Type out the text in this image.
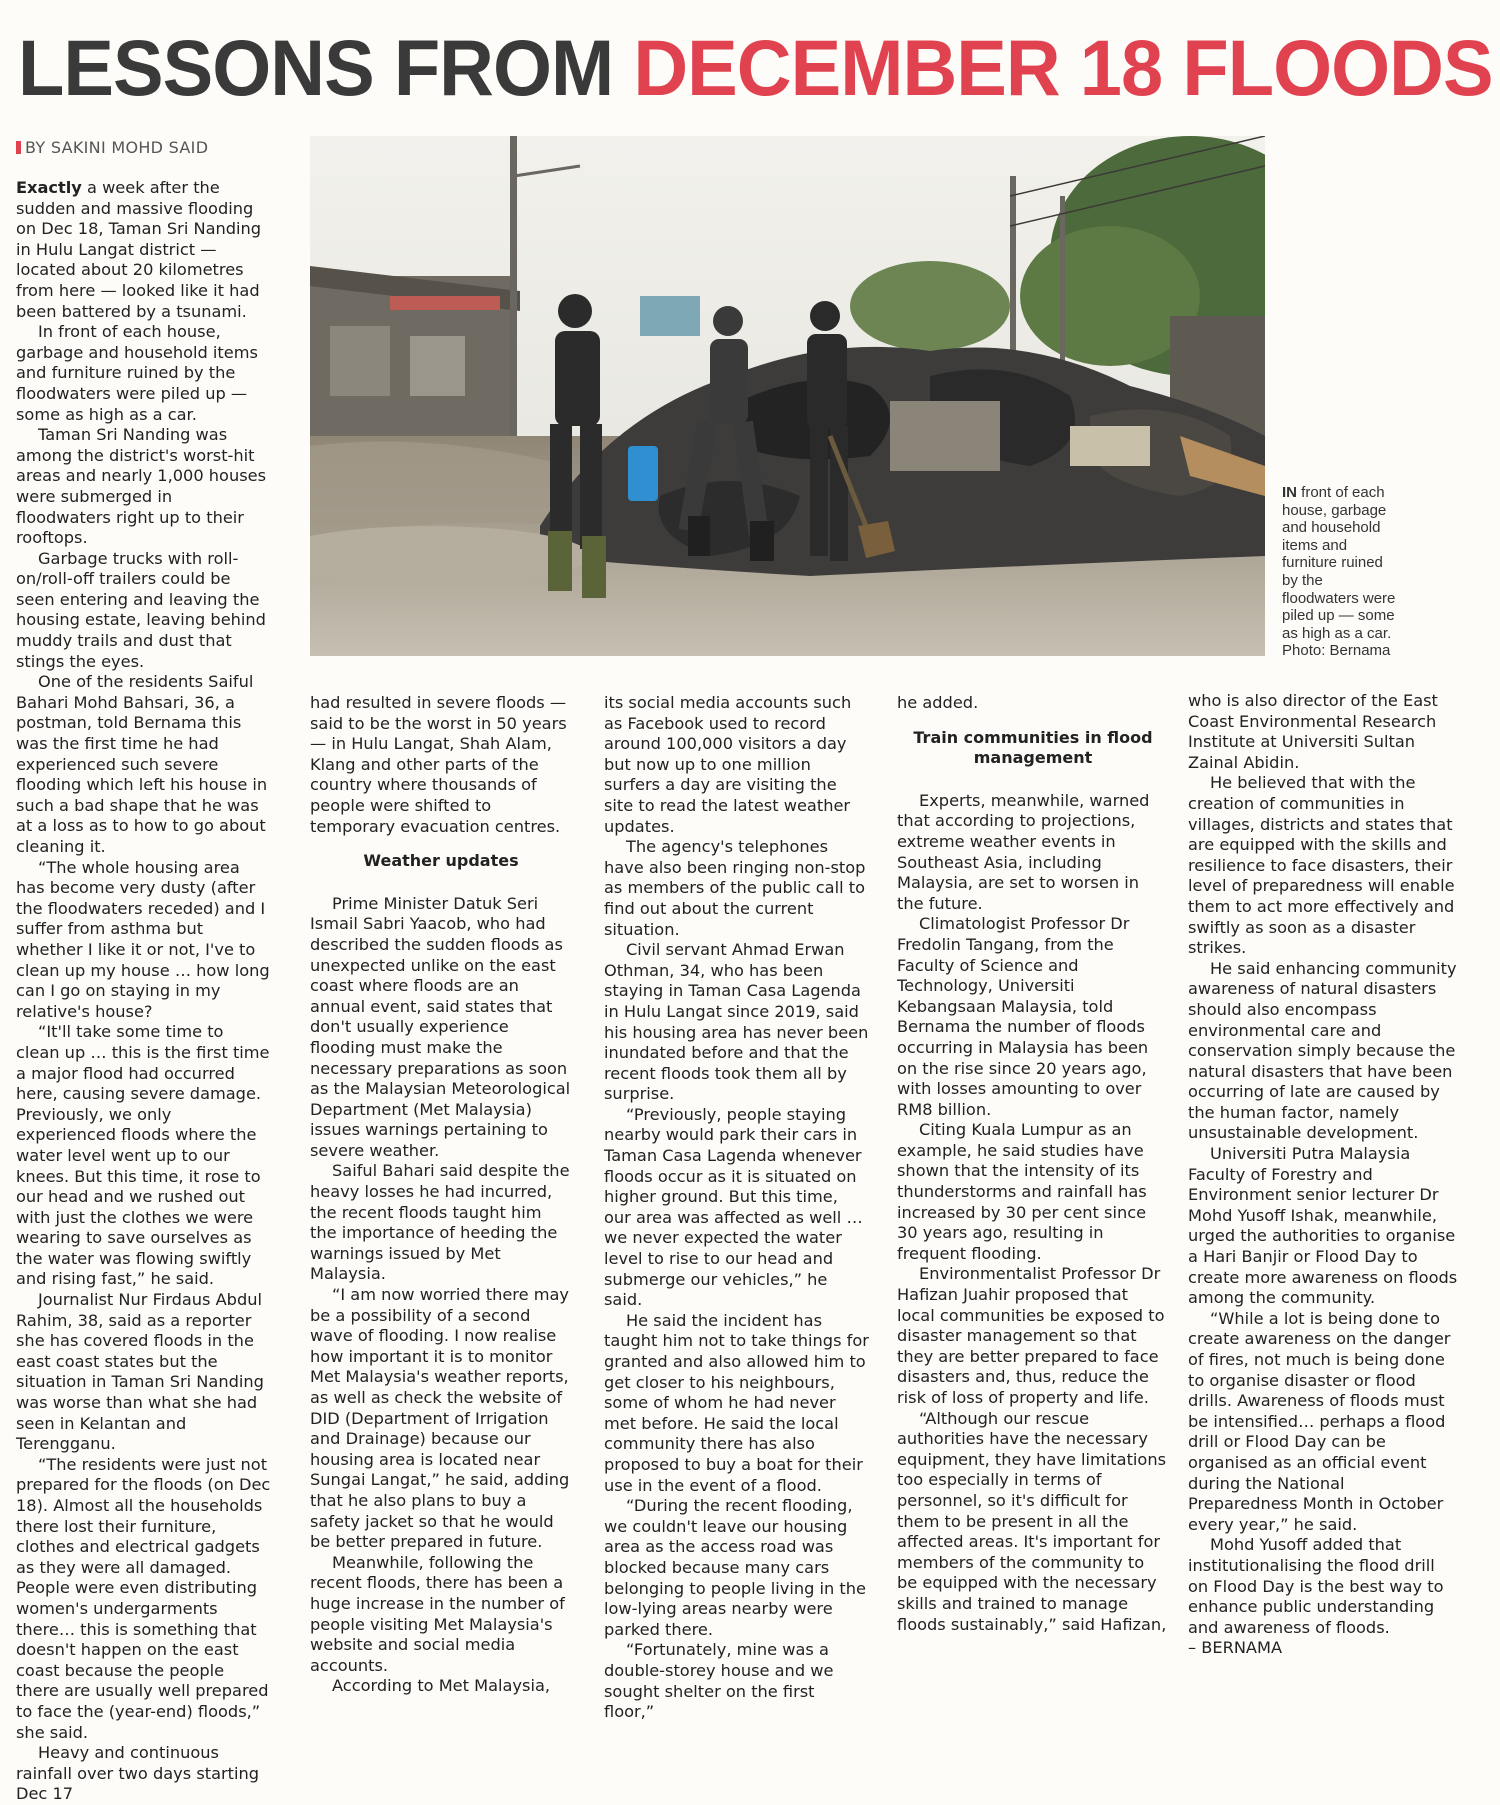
LESSONS FROM DECEMBER 18 FLOODS
BY SAKINI MOHD SAID
IN front of each house, garbage and household items and furniture ruined by the floodwaters were piled up — some as high as a car.
Photo: Bernama

Exactly a week after the sudden and massive flooding on Dec 18, Taman Sri Nanding in Hulu Langat district — located about 20 kilometres from here — looked like it had been battered by a tsunami.

In front of each house, garbage and household items and furniture ruined by the floodwaters were piled up — some as high as a car.

Taman Sri Nanding was among the district's worst-hit areas and nearly 1,000 houses were submerged in floodwaters right up to their rooftops.

Garbage trucks with roll-on/roll-off trailers could be seen entering and leaving the housing estate, leaving behind muddy trails and dust that stings the eyes.

One of the residents Saiful Bahari Mohd Bahsari, 36, a postman, told Bernama this was the first time he had experienced such severe flooding which left his house in such a bad shape that he was at a loss as to how to go about cleaning it.

“The whole housing area has become very dusty (after the floodwaters receded) and I suffer from asthma but whether I like it or not, I've to clean up my house … how long can I go on staying in my relative's house?

“It'll take some time to clean up … this is the first time a major flood had occurred here, causing severe damage. Previously, we only experienced floods where the water level went up to our knees. But this time, it rose to our head and we rushed out with just the clothes we were wearing to save ourselves as the water was flowing swiftly and rising fast,” he said.

Journalist Nur Firdaus Abdul Rahim, 38, said as a reporter she has covered floods in the east coast states but the situation in Taman Sri Nanding was worse than what she had seen in Kelantan and Terengganu.

“The residents were just not prepared for the floods (on Dec 18). Almost all the households there lost their furniture, clothes and electrical gadgets as they were all damaged. People were even distributing women's undergarments there… this is something that doesn't happen on the east coast because the people there are usually well prepared to face the (year-end) floods,” she said.

Heavy and continuous rainfall over two days starting Dec 17

had resulted in severe floods — said to be the worst in 50 years — in Hulu Langat, Shah Alam, Klang and other parts of the country where thousands of people were shifted to temporary evacuation centres.

Weather updates

Prime Minister Datuk Seri Ismail Sabri Yaacob, who had described the sudden floods as unexpected unlike on the east coast where floods are an annual event, said states that don't usually experience flooding must make the necessary preparations as soon as the Malaysian Meteorological Department (Met Malaysia) issues warnings pertaining to severe weather.

Saiful Bahari said despite the heavy losses he had incurred, the recent floods taught him the importance of heeding the warnings issued by Met Malaysia.

“I am now worried there may be a possibility of a second wave of flooding. I now realise how important it is to monitor Met Malaysia's weather reports, as well as check the website of DID (Department of Irrigation and Drainage) because our housing area is located near Sungai Langat,” he said, adding that he also plans to buy a safety jacket so that he would be better prepared in future.

Meanwhile, following the recent floods, there has been a huge increase in the number of people visiting Met Malaysia's website and social media accounts.

According to Met Malaysia,

its social media accounts such as Facebook used to record around 100,000 visitors a day but now up to one million surfers a day are visiting the site to read the latest weather updates.

The agency's telephones have also been ringing non-stop as members of the public call to find out about the current situation.

Civil servant Ahmad Erwan Othman, 34, who has been staying in Taman Casa Lagenda in Hulu Langat since 2019, said his housing area has never been inundated before and that the recent floods took them all by surprise.

“Previously, people staying nearby would park their cars in Taman Casa Lagenda whenever floods occur as it is situated on higher ground. But this time, our area was affected as well … we never expected the water level to rise to our head and submerge our vehicles,” he said.

He said the incident has taught him not to take things for granted and also allowed him to get closer to his neighbours, some of whom he had never met before. He said the local community there has also proposed to buy a boat for their use in the event of a flood.

“During the recent flooding, we couldn't leave our housing area as the access road was blocked because many cars belonging to people living in the low-lying areas nearby were parked there.

“Fortunately, mine was a double-storey house and we sought shelter on the first floor,”

he added.

Train communities in flood management

Experts, meanwhile, warned that according to projections, extreme weather events in Southeast Asia, including Malaysia, are set to worsen in the future.

Climatologist Professor Dr Fredolin Tangang, from the Faculty of Science and Technology, Universiti Kebangsaan Malaysia, told Bernama the number of floods occurring in Malaysia has been on the rise since 20 years ago, with losses amounting to over RM8 billion.

Citing Kuala Lumpur as an example, he said studies have shown that the intensity of its thunderstorms and rainfall has increased by 30 per cent since 30 years ago, resulting in frequent flooding.

Environmentalist Professor Dr Hafizan Juahir proposed that local communities be exposed to disaster management so that they are better prepared to face disasters and, thus, reduce the risk of loss of property and life.

“Although our rescue authorities have the necessary equipment, they have limitations too especially in terms of personnel, so it's difficult for them to be present in all the affected areas. It's important for members of the community to be equipped with the necessary skills and trained to manage floods sustainably,” said Hafizan,

who is also director of the East Coast Environmental Research Institute at Universiti Sultan Zainal Abidin.

He believed that with the creation of communities in villages, districts and states that are equipped with the skills and resilience to face disasters, their level of preparedness will enable them to act more effectively and swiftly as soon as a disaster strikes.

He said enhancing community awareness of natural disasters should also encompass environmental care and conservation simply because the natural disasters that have been occurring of late are caused by the human factor, namely unsustainable development.

Universiti Putra Malaysia Faculty of Forestry and Environment senior lecturer Dr Mohd Yusoff Ishak, meanwhile, urged the authorities to organise a Hari Banjir or Flood Day to create more awareness on floods among the community.

“While a lot is being done to create awareness on the danger of fires, not much is being done to organise disaster or flood drills. Awareness of floods must be intensified… perhaps a flood drill or Flood Day can be organised as an official event during the National Preparedness Month in October every year,” he said.

Mohd Yusoff added that institutionalising the flood drill on Flood Day is the best way to enhance public understanding and awareness of floods.

– BERNAMA
